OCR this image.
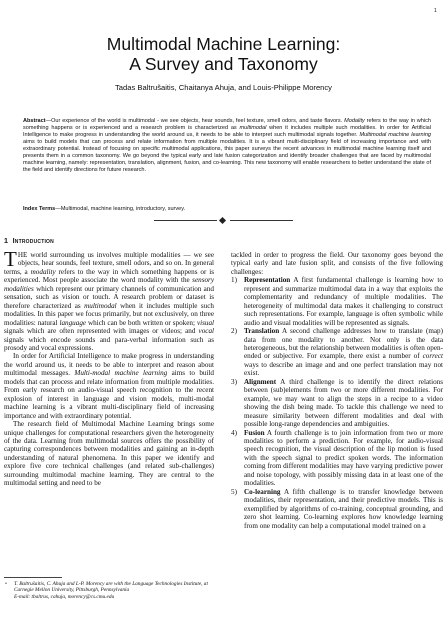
1
Multimodal Machine Learning:
A Survey and Taxonomy
Tadas Baltrušaitis, Chaitanya Ahuja, and Louis-Philippe Morency
Abstract—Our experience of the world is multimodal - we see objects, hear sounds, feel texture, smell odors, and taste flavors. Modality refers to the way in which something happens or is experienced and a research problem is characterized as multimodal when it includes multiple such modalities. In order for Artificial Intelligence to make progress in understanding the world around us, it needs to be able to interpret such multimodal signals together. Multimodal machine learning aims to build models that can process and relate information from multiple modalities. It is a vibrant multi-disciplinary field of increasing importance and with extraordinary potential. Instead of focusing on specific multimodal applications, this paper surveys the recent advances in multimodal machine learning itself and presents them in a common taxonomy. We go beyond the typical early and late fusion categorization and identify broader challenges that are faced by multimodal machine learning, namely: representation, translation, alignment, fusion, and co-learning. This new taxonomy will enable researchers to better understand the state of the field and identify directions for future research.
Index Terms—Multimodal, machine learning, introductory, survey.
1 Introduction

THE world surrounding us involves multiple modalities — we see objects, hear sounds, feel texture, smell odors, and so on. In general terms, a modality refers to the way in which something happens or is experienced. Most people associate the word modality with the sensory modalities which represent our primary channels of communication and sensation, such as vision or touch. A research problem or dataset is therefore characterized as multimodal when it includes multiple such modalities. In this paper we focus primarily, but not exclusively, on three modalities: natural language which can be both written or spoken; visual signals which are often represented with images or videos; and vocal signals which encode sounds and para-verbal information such as prosody and vocal expressions.

In order for Artificial Intelligence to make progress in understanding the world around us, it needs to be able to interpret and reason about multimodal messages. Multi-modal machine learning aims to build models that can process and relate information from multiple modalities. From early research on audio-visual speech recognition to the recent explosion of interest in language and vision models, multi-modal machine learning is a vibrant multi-disciplinary field of increasing importance and with extraordinary potential.

The research field of Multimodal Machine Learning brings some unique challenges for computational researchers given the heterogeneity of the data. Learning from multimodal sources offers the possibility of capturing correspondences between modalities and gaining an in-depth understanding of natural phenomena. In this paper we identify and explore five core technical challenges (and related sub-challenges) surrounding multimodal machine learning. They are central to the multimodal setting and need to be

tackled in order to progress the field. Our taxonomy goes beyond the typical early and late fusion split, and consists of the five following challenges:

1) Representation A first fundamental challenge is learning how to represent and summarize multimodal data in a way that exploits the complementarity and redundancy of multiple modalities. The heterogeneity of multimodal data makes it challenging to construct such representations. For example, language is often symbolic while audio and visual modalities will be represented as signals.
2) Translation A second challenge addresses how to translate (map) data from one modality to another. Not only is the data heterogeneous, but the relationship between modalities is often open-ended or subjective. For example, there exist a number of correct ways to describe an image and and one perfect translation may not exist.
3) Alignment A third challenge is to identify the direct relations between (sub)elements from two or more different modalities. For example, we may want to align the steps in a recipe to a video showing the dish being made. To tackle this challenge we need to measure similarity between different modalities and deal with possible long-range dependencies and ambiguities.
4) Fusion A fourth challenge is to join information from two or more modalities to perform a prediction. For example, for audio-visual speech recognition, the visual description of the lip motion is fused with the speech signal to predict spoken words. The information coming from different modalities may have varying predictive power and noise topology, with possibly missing data in at least one of the modalities.
5) Co-learning A fifth challenge is to transfer knowledge between modalities, their representation, and their predictive models. This is exemplified by algorithms of co-training, conceptual grounding, and zero shot learning. Co-learning explores how knowledge learning from one modality can help a computational model trained on a
• T. Baltrušaitis, C. Ahuja and L-P. Morency are with the Language Technologies Institute, at Carnegie Mellon University, Pittsburgh, Pennsylvania
E-mail: tbaltrus, cahuja, morency@cs.cmu.edu
